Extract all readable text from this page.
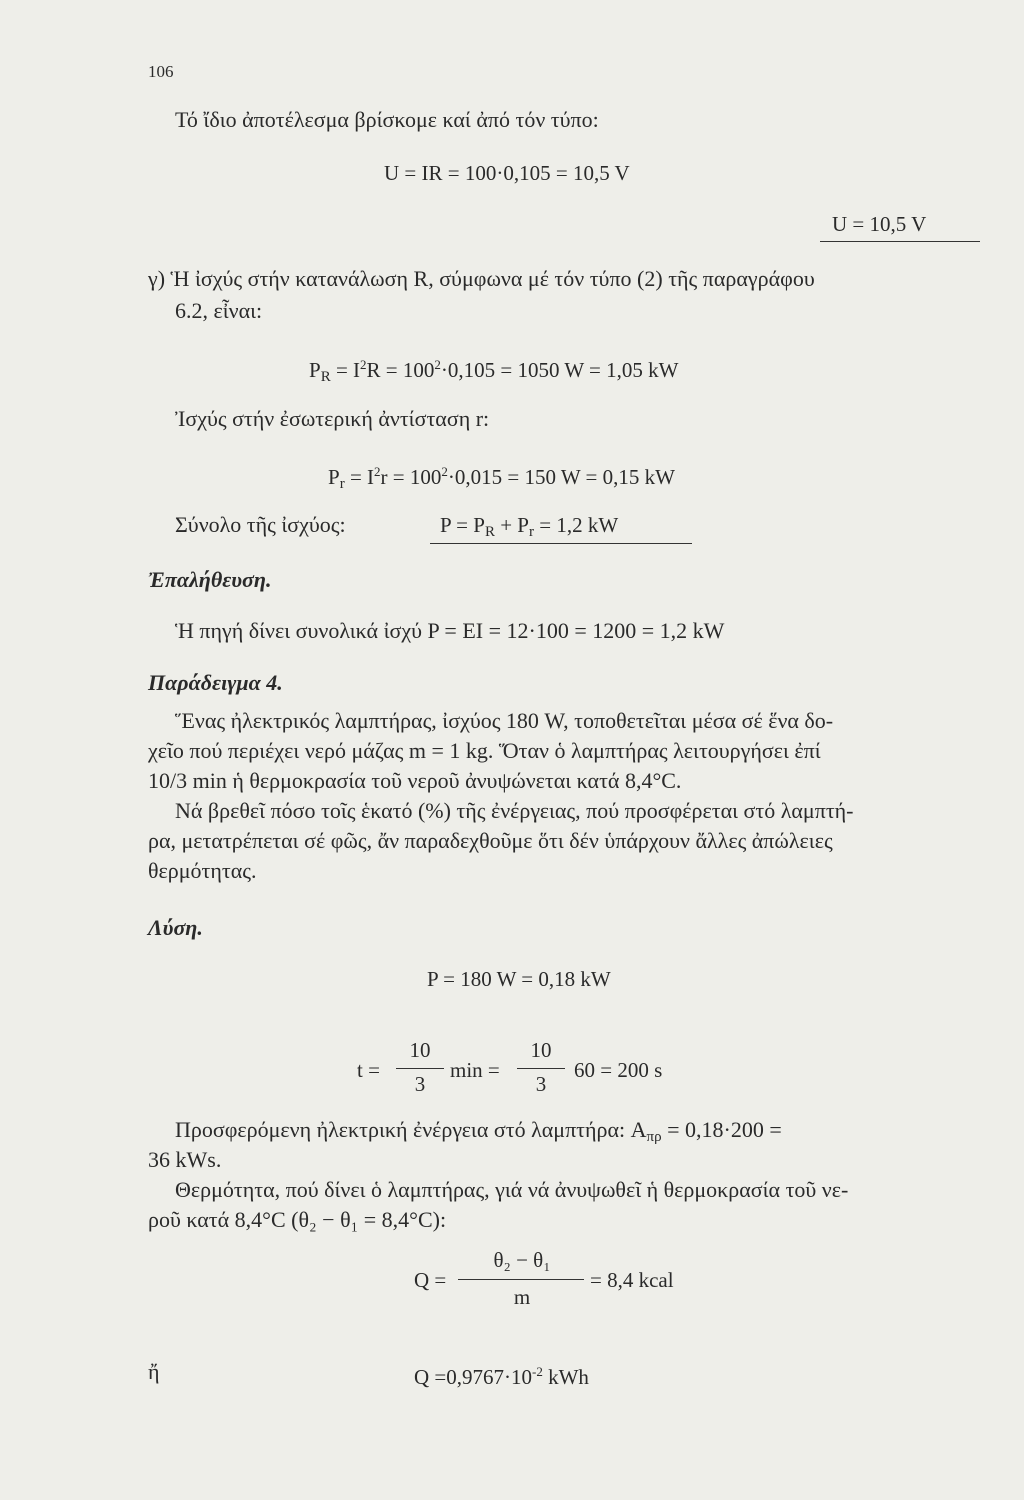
106
Τό ἴδιο ἀποτέλεσμα βρίσκομε καί ἀπό τόν τύπο:
U = IR = 100·0,105 = 10,5 V
U = 10,5 V
γ) Ἡ ἰσχύς στήν κατανάλωση R, σύμφωνα μέ τόν τύπο (2) τῆς παραγράφου
6.2, εἶναι:
$P_R = I^2R = 100^2\cdot 0,105 = 1050$ W = 1,05 kW
Ἰσχύς στήν ἐσωτερική ἀντίσταση r:
$P_r = I^2r = 100^2\cdot 0,015 = 150$ W = 0,15 kW
Σύνολο τῆς ἰσχύος:	$P = P_R + P_r = 1,2$ kW
Ἐπαλήθευση.
Ἡ πηγή δίνει συνολικά ἰσχύ P = EI = 12·100 = 1200 = 1,2 kW
Παράδειγμα 4.
Ἕνας ἠλεκτρικός λαμπτήρας, ἰσχύος 180 W, τοποθετεῖται μέσα σέ ἕνα δο-
χεῖο πού περιέχει νερό μάζας m = 1 kg. Ὅταν ὁ λαμπτήρας λειτουργήσει ἐπί
10/3 min ἡ θερμοκρασία τοῦ νεροῦ ἀνυψώνεται κατά 8,4°C.
Νά βρεθεῖ πόσο τοῖς ἑκατό (%) τῆς ἐνέργειας, πού προσφέρεται στό λαμπτή-
ρα, μετατρέπεται σέ φῶς, ἄν παραδεχθοῦμε ὅτι δέν ὑπάρχουν ἄλλες ἀπώλειες
θερμότητας.
Λύση.
P = 180 W = 0,18 kW
t =
10
3
min =
10
3
60 = 200 s
Προσφερόμενη ἠλεκτρική ἐνέργεια στό λαμπτήρα: $A_{\pi\rho} = 0,18\cdot 200$ =
36 kWs.
Θερμότητα, πού δίνει ὁ λαμπτήρας, γιά νά ἀνυψωθεῖ ἡ θερμοκρασία τοῦ νε-
ροῦ κατά 8,4°C (θ₂ − θ₁ = 8,4°C):
Q =
θ₂ − θ₁
m
= 8,4 kcal
ἤ	$Q =0,9767\cdot 10^{-2}$ kWh
